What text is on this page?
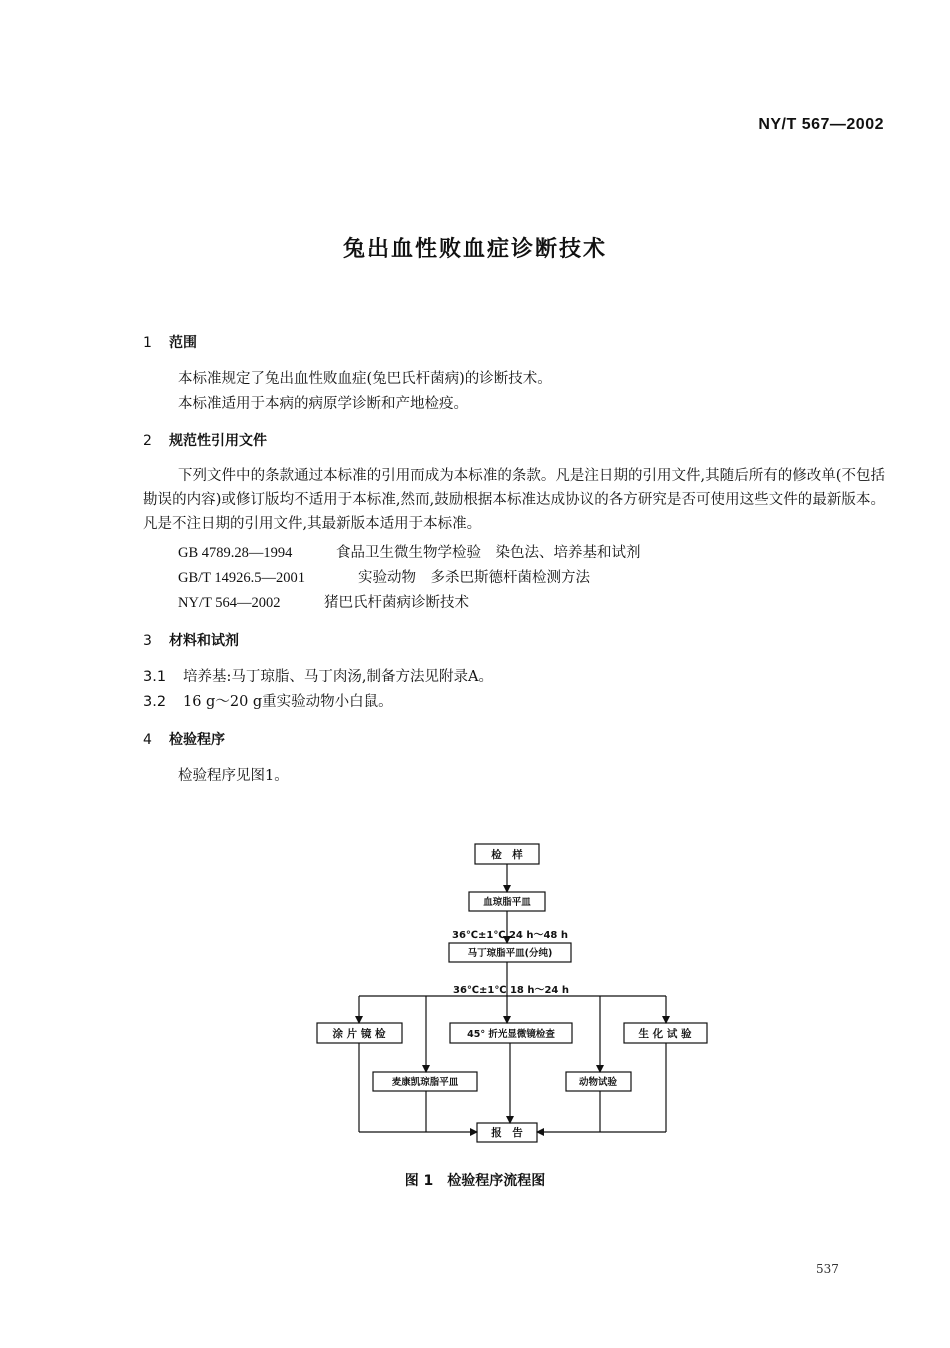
NY/T 567—2002
兔出血性败血症诊断技术
1 范围
本标准规定了兔出血性败血症(兔巴氏杆菌病)的诊断技术。
本标准适用于本病的病原学诊断和产地检疫。
2 规范性引用文件
下列文件中的条款通过本标准的引用而成为本标准的条款。凡是注日期的引用文件,其随后所有的修改单(不包括勘误的内容)或修订版均不适用于本标准,然而,鼓励根据本标准达成协议的各方研究是否可使用这些文件的最新版本。凡是不注日期的引用文件,其最新版本适用于本标准。
GB 4789.28—1994	食品卫生微生物学检验　染色法、培养基和试剂
GB/T 14926.5—2001	实验动物　多杀巴斯德杆菌检测方法
NY/T 564—2002	猪巴氏杆菌病诊断技术
3 材料和试剂
3.1 培养基:马丁琼脂、马丁肉汤,制备方法见附录A。
3.2 16 g～20 g重实验动物小白鼠。
4 检验程序
检验程序见图1。
检　样
血琼脂平皿
马丁琼脂平皿(分纯)
涂 片 镜 检	45° 折光显微镜检查	生 化 试 验
麦康凯琼脂平皿	动物试验
报　告
36℃±1℃ 24 h～48 h
36℃±1℃ 18 h～24 h
图 1　检验程序流程图
537
